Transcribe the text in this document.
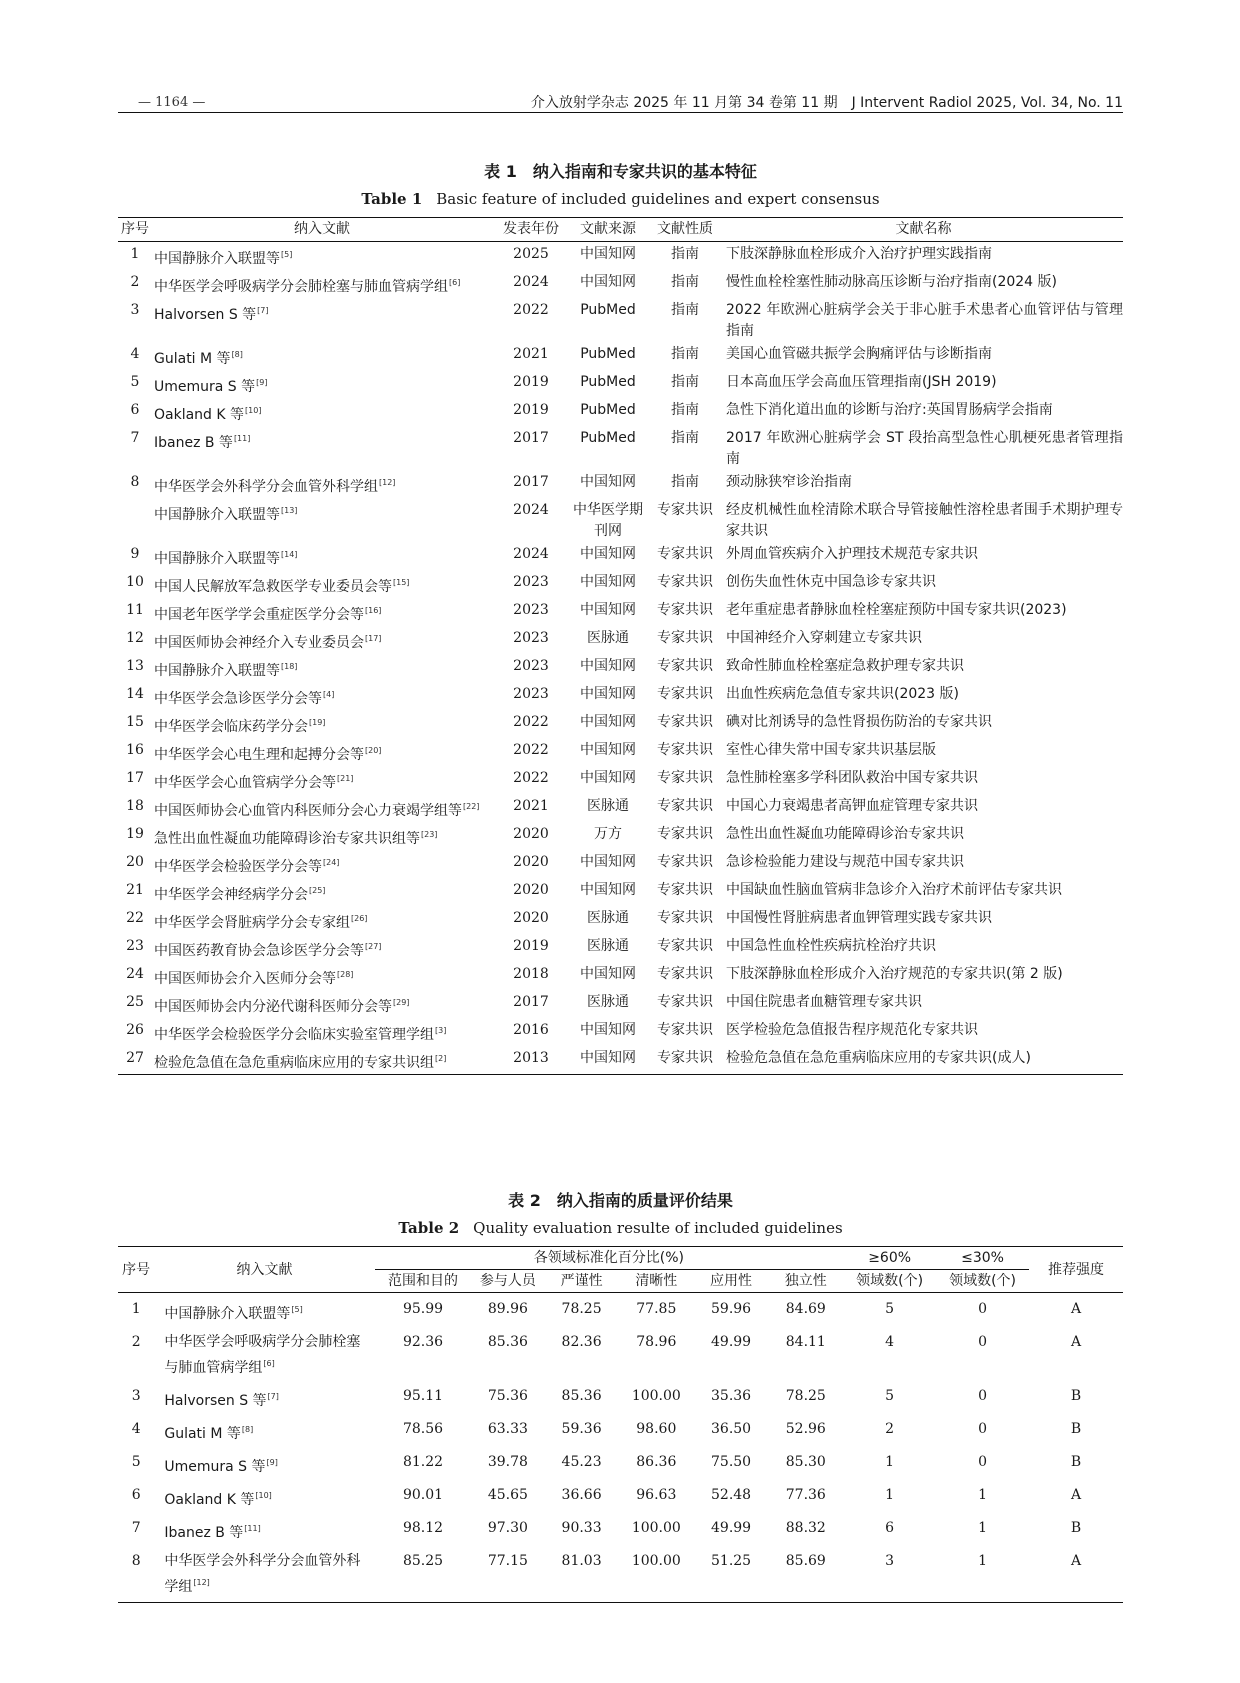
— 1164 —	介入放射学杂志 2025 年 11 月第 34 卷第 11 期　J Intervent Radiol 2025, Vol. 34, No. 11
表 1　纳入指南和专家共识的基本特征
Table 1 Basic feature of included guidelines and expert consensus
序号	纳入文献	发表年份	文献来源	文献性质	文献名称
1	中国静脉介入联盟等[5]	2025	中国知网	指南	下肢深静脉血栓形成介入治疗护理实践指南
2	中华医学会呼吸病学分会肺栓塞与肺血管病学组[6]	2024	中国知网	指南	慢性血栓栓塞性肺动脉高压诊断与治疗指南(2024 版)
3	Halvorsen S 等[7]	2022	PubMed	指南	2022 年欧洲心脏病学会关于非心脏手术患者心血管评估与管理指南
4	Gulati M 等[8]	2021	PubMed	指南	美国心血管磁共振学会胸痛评估与诊断指南
5	Umemura S 等[9]	2019	PubMed	指南	日本高血压学会高血压管理指南(JSH 2019)
6	Oakland K 等[10]	2019	PubMed	指南	急性下消化道出血的诊断与治疗:英国胃肠病学会指南
7	Ibanez B 等[11]	2017	PubMed	指南	2017 年欧洲心脏病学会 ST 段抬高型急性心肌梗死患者管理指南
8	中华医学会外科学分会血管外科学组[12]	2017	中国知网	指南	颈动脉狭窄诊治指南
	中国静脉介入联盟等[13]	2024	中华医学期刊网	专家共识	经皮机械性血栓清除术联合导管接触性溶栓患者围手术期护理专家共识
9	中国静脉介入联盟等[14]	2024	中国知网	专家共识	外周血管疾病介入护理技术规范专家共识
10	中国人民解放军急救医学专业委员会等[15]	2023	中国知网	专家共识	创伤失血性休克中国急诊专家共识
11	中国老年医学学会重症医学分会等[16]	2023	中国知网	专家共识	老年重症患者静脉血栓栓塞症预防中国专家共识(2023)
12	中国医师协会神经介入专业委员会[17]	2023	医脉通	专家共识	中国神经介入穿刺建立专家共识
13	中国静脉介入联盟等[18]	2023	中国知网	专家共识	致命性肺血栓栓塞症急救护理专家共识
14	中华医学会急诊医学分会等[4]	2023	中国知网	专家共识	出血性疾病危急值专家共识(2023 版)
15	中华医学会临床药学分会[19]	2022	中国知网	专家共识	碘对比剂诱导的急性肾损伤防治的专家共识
16	中华医学会心电生理和起搏分会等[20]	2022	中国知网	专家共识	室性心律失常中国专家共识基层版
17	中华医学会心血管病学分会等[21]	2022	中国知网	专家共识	急性肺栓塞多学科团队救治中国专家共识
18	中国医师协会心血管内科医师分会心力衰竭学组等[22]	2021	医脉通	专家共识	中国心力衰竭患者高钾血症管理专家共识
19	急性出血性凝血功能障碍诊治专家共识组等[23]	2020	万方	专家共识	急性出血性凝血功能障碍诊治专家共识
20	中华医学会检验医学分会等[24]	2020	中国知网	专家共识	急诊检验能力建设与规范中国专家共识
21	中华医学会神经病学分会[25]	2020	中国知网	专家共识	中国缺血性脑血管病非急诊介入治疗术前评估专家共识
22	中华医学会肾脏病学分会专家组[26]	2020	医脉通	专家共识	中国慢性肾脏病患者血钾管理实践专家共识
23	中国医药教育协会急诊医学分会等[27]	2019	医脉通	专家共识	中国急性血栓性疾病抗栓治疗共识
24	中国医师协会介入医师分会等[28]	2018	中国知网	专家共识	下肢深静脉血栓形成介入治疗规范的专家共识(第 2 版)
25	中国医师协会内分泌代谢科医师分会等[29]	2017	医脉通	专家共识	中国住院患者血糖管理专家共识
26	中华医学会检验医学分会临床实验室管理学组[3]	2016	中国知网	专家共识	医学检验危急值报告程序规范化专家共识
27	检验危急值在急危重病临床应用的专家共识组[2]	2013	中国知网	专家共识	检验危急值在急危重病临床应用的专家共识(成人)
表 2　纳入指南的质量评价结果
Table 2 Quality evaluation resulte of included guidelines
序号	纳入文献	各领域标准化百分比(%)						≥60%	≤30%	推荐强度
		范围和目的	参与人员	严谨性	清晰性	应用性	独立性	领域数(个)	领域数(个)	
1	中国静脉介入联盟等[5]	95.99	89.96	78.25	77.85	59.96	84.69	5	0	A
2	中华医学会呼吸病学分会肺栓塞与肺血管病学组[6]	92.36	85.36	82.36	78.96	49.99	84.11	4	0	A
3	Halvorsen S 等[7]	95.11	75.36	85.36	100.00	35.36	78.25	5	0	B
4	Gulati M 等[8]	78.56	63.33	59.36	98.60	36.50	52.96	2	0	B
5	Umemura S 等[9]	81.22	39.78	45.23	86.36	75.50	85.30	1	0	B
6	Oakland K 等[10]	90.01	45.65	36.66	96.63	52.48	77.36	1	1	A
7	Ibanez B 等[11]	98.12	97.30	90.33	100.00	49.99	88.32	6	1	B
8	中华医学会外科学分会血管外科学组[12]	85.25	77.15	81.03	100.00	51.25	85.69	3	1	A
